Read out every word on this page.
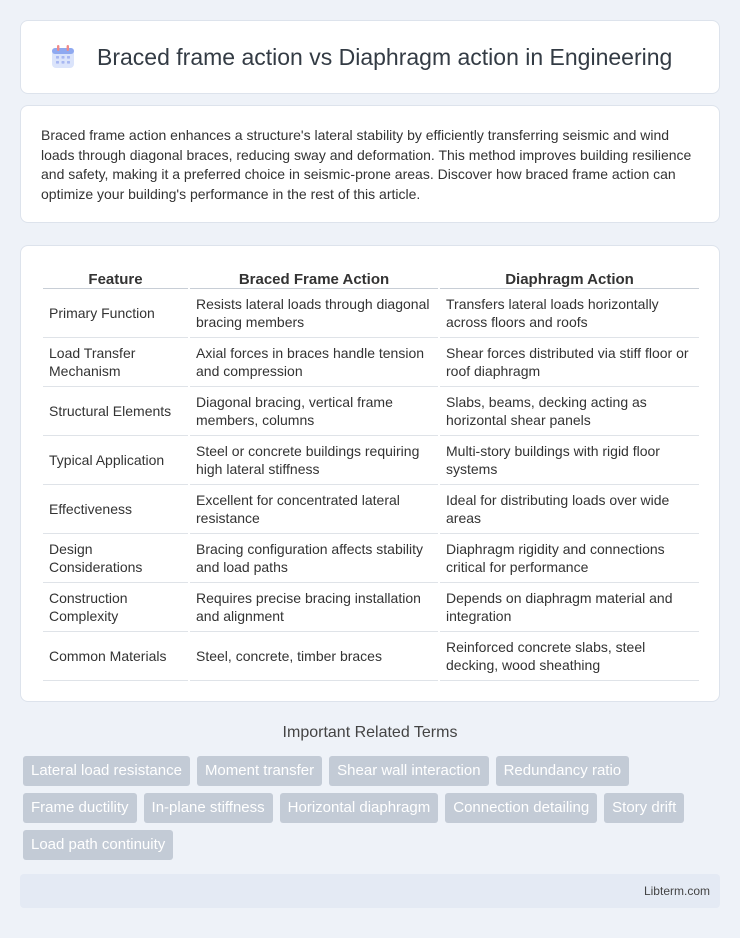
Braced frame action vs Diaphragm action in Engineering

Braced frame action enhances a structure's lateral stability by efficiently transferring seismic and wind loads through diagonal braces, reducing sway and deformation. This method improves building resilience and safety, making it a preferred choice in seismic-prone areas. Discover how braced frame action can optimize your building's performance in the rest of this article.

Feature	Braced Frame Action	Diaphragm Action
Primary Function	Resists lateral loads through diagonal bracing members	Transfers lateral loads horizontally across floors and roofs
Load Transfer Mechanism	Axial forces in braces handle tension and compression	Shear forces distributed via stiff floor or roof diaphragm
Structural Elements	Diagonal bracing, vertical frame members, columns	Slabs, beams, decking acting as horizontal shear panels
Typical Application	Steel or concrete buildings requiring high lateral stiffness	Multi-story buildings with rigid floor systems
Effectiveness	Excellent for concentrated lateral resistance	Ideal for distributing loads over wide areas
Design Considerations	Bracing configuration affects stability and load paths	Diaphragm rigidity and connections critical for performance
Construction Complexity	Requires precise bracing installation and alignment	Depends on diaphragm material and integration
Common Materials	Steel, concrete, timber braces	Reinforced concrete slabs, steel decking, wood sheathing
Important Related Terms
Lateral load resistance	Moment transfer	Shear wall interaction	Redundancy ratio
Frame ductility	In-plane stiffness	Horizontal diaphragm	Connection detailing	Story drift
Load path continuity
Libterm.com
